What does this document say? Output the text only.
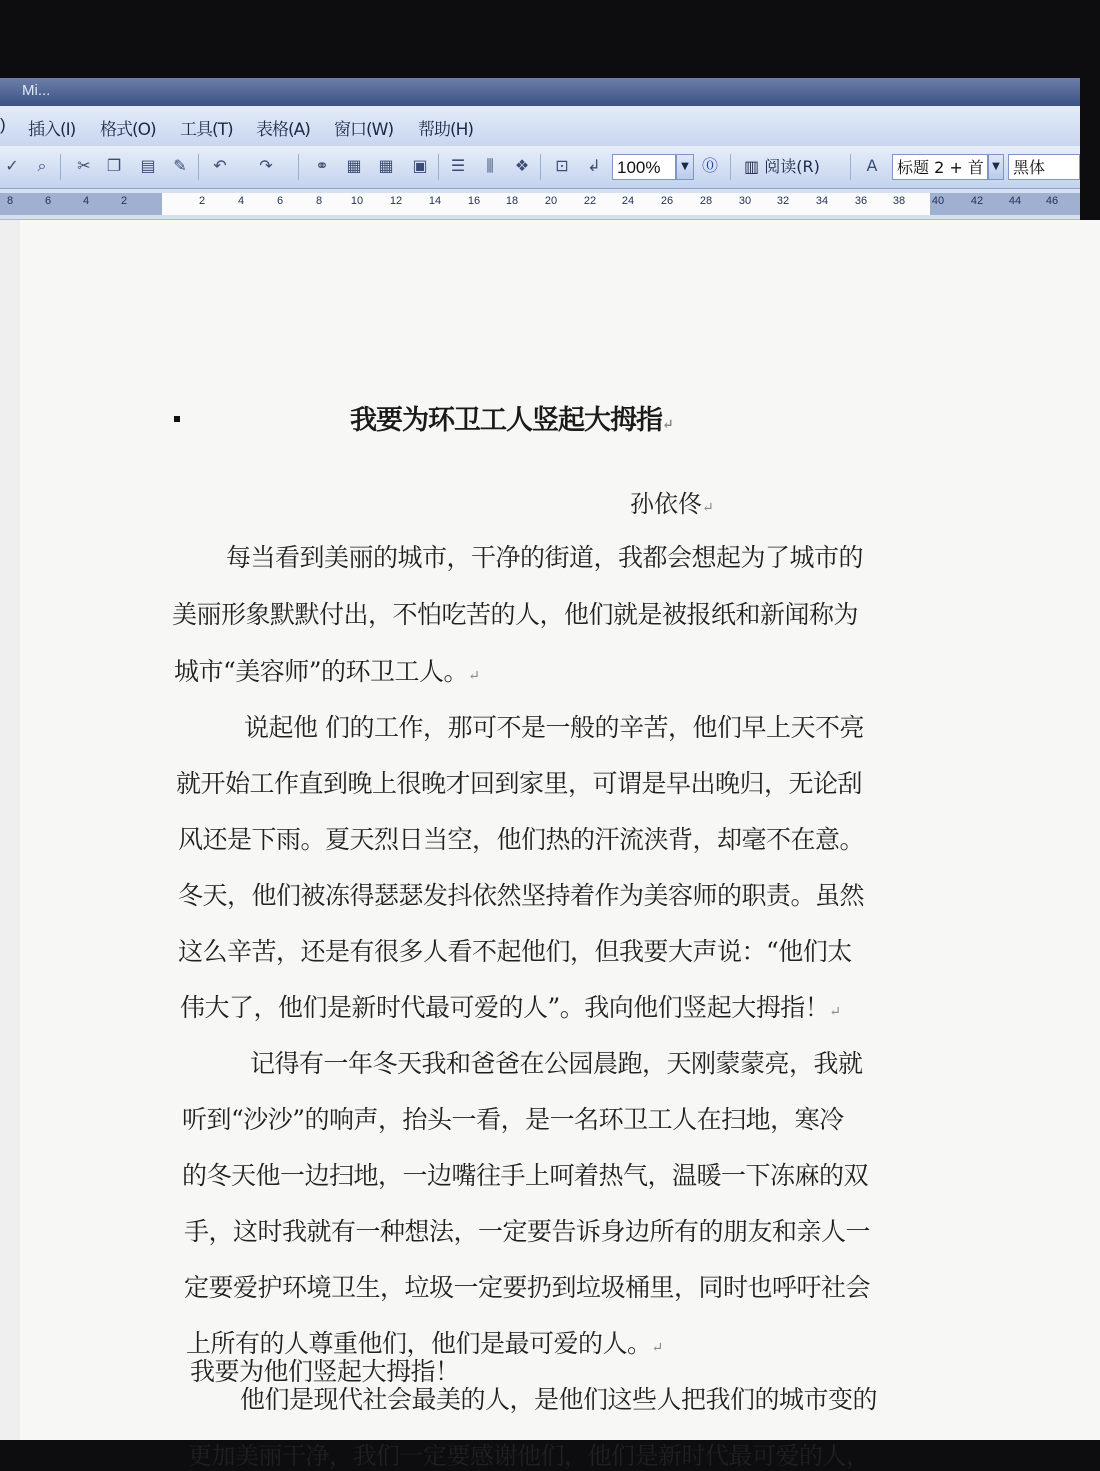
Mi...
) 插入(I) 格式(O) 工具(T) 表格(A) 窗口(W) 帮助(H)
✓	⌕	✂ ❐ ▤ ✎ ↶ ↷	⚭ ▦ ▦ ▣ ☰	⫼	❖ ⊡ ↲ 100%	▼ ⓪ ▥ 阅读(R)	A	标题 2 + 首 ▼ 黑体
8	6	4	2	2	4	6	8	10 12 14 16 18 20 22 24 26 28 30 32 34 36 38 40 42 44 46
我要为环卫工人竖起大拇指↵
孙依佟↵
每当看到美丽的城市，干净的街道，我都会想起为了城市的
美丽形象默默付出，不怕吃苦的人，他们就是被报纸和新闻称为
城市“美容师”的环卫工人。↵
说起他 们的工作，那可不是一般的辛苦，他们早上天不亮
就开始工作直到晚上很晚才回到家里，可谓是早出晚归，无论刮
风还是下雨。夏天烈日当空，他们热的汗流浃背，却毫不在意。
冬天，他们被冻得瑟瑟发抖依然坚持着作为美容师的职责。虽然
这么辛苦，还是有很多人看不起他们，但我要大声说：“他们太
伟大了，他们是新时代最可爱的人”。我向他们竖起大拇指！↵
记得有一年冬天我和爸爸在公园晨跑，天刚蒙蒙亮，我就
听到“沙沙”的响声，抬头一看，是一名环卫工人在扫地，寒冷
的冬天他一边扫地，一边嘴往手上呵着热气，温暖一下冻麻的双
手，这时我就有一种想法，一定要告诉身边所有的朋友和亲人一
定要爱护环境卫生，垃圾一定要扔到垃圾桶里，同时也呼吁社会
上所有的人尊重他们，他们是最可爱的人。↵
他们是现代社会最美的人，是他们这些人把我们的城市变的
更加美丽干净，我们一定要感谢他们，他们是新时代最可爱的人，
我要为他们竖起大拇指！
